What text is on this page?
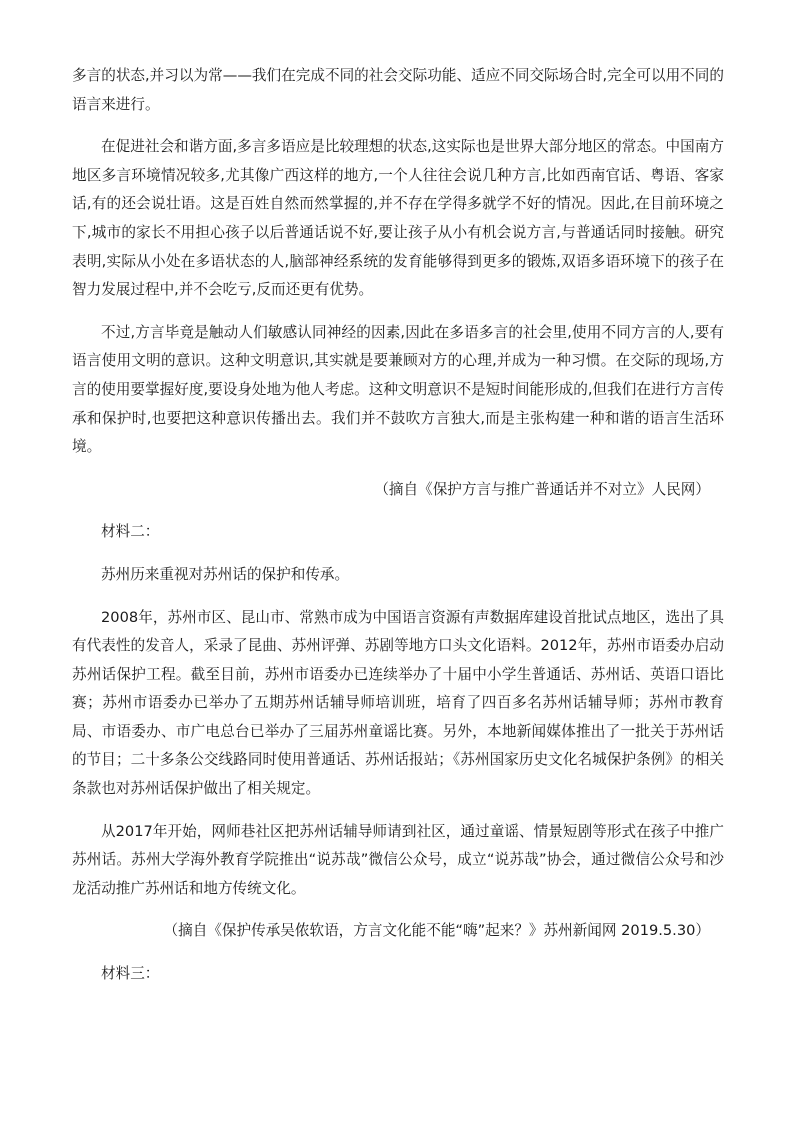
多言的状态,并习以为常——我们在完成不同的社会交际功能、适应不同交际场合时,完全可以用不同的语言来进行。

在促进社会和谐方面,多言多语应是比较理想的状态,这实际也是世界大部分地区的常态。中国南方地区多言环境情况较多,尤其像广西这样的地方,一个人往往会说几种方言,比如西南官话、粤语、客家话,有的还会说壮语。这是百姓自然而然掌握的,并不存在学得多就学不好的情况。因此,在目前环境之下,城市的家长不用担心孩子以后普通话说不好,要让孩子从小有机会说方言,与普通话同时接触。研究表明,实际从小处在多语状态的人,脑部神经系统的发育能够得到更多的锻炼,双语多语环境下的孩子在智力发展过程中,并不会吃亏,反而还更有优势。

不过,方言毕竟是触动人们敏感认同神经的因素,因此在多语多言的社会里,使用不同方言的人,要有语言使用文明的意识。这种文明意识,其实就是要兼顾对方的心理,并成为一种习惯。在交际的现场,方言的使用要掌握好度,要设身处地为他人考虑。这种文明意识不是短时间能形成的,但我们在进行方言传承和保护时,也要把这种意识传播出去。我们并不鼓吹方言独大,而是主张构建一种和谐的语言生活环境。

（摘自《保护方言与推广普通话并不对立》人民网）

材料二：

苏州历来重视对苏州话的保护和传承。

2008年，苏州市区、昆山市、常熟市成为中国语言资源有声数据库建设首批试点地区，选出了具有代表性的发音人，采录了昆曲、苏州评弹、苏剧等地方口头文化语料。2012年，苏州市语委办启动苏州话保护工程。截至目前，苏州市语委办已连续举办了十届中小学生普通话、苏州话、英语口语比赛；苏州市语委办已举办了五期苏州话辅导师培训班，培育了四百多名苏州话辅导师；苏州市教育局、市语委办、市广电总台已举办了三届苏州童谣比赛。另外，本地新闻媒体推出了一批关于苏州话的节目；二十多条公交线路同时使用普通话、苏州话报站；《苏州国家历史文化名城保护条例》的相关条款也对苏州话保护做出了相关规定。

从2017年开始，网师巷社区把苏州话辅导师请到社区，通过童谣、情景短剧等形式在孩子中推广苏州话。苏州大学海外教育学院推出“说苏哉”微信公众号，成立“说苏哉”协会，通过微信公众号和沙龙活动推广苏州话和地方传统文化。

（摘自《保护传承吴侬软语，方言文化能不能“嗨”起来？》苏州新闻网 2019.5.30）

材料三：
